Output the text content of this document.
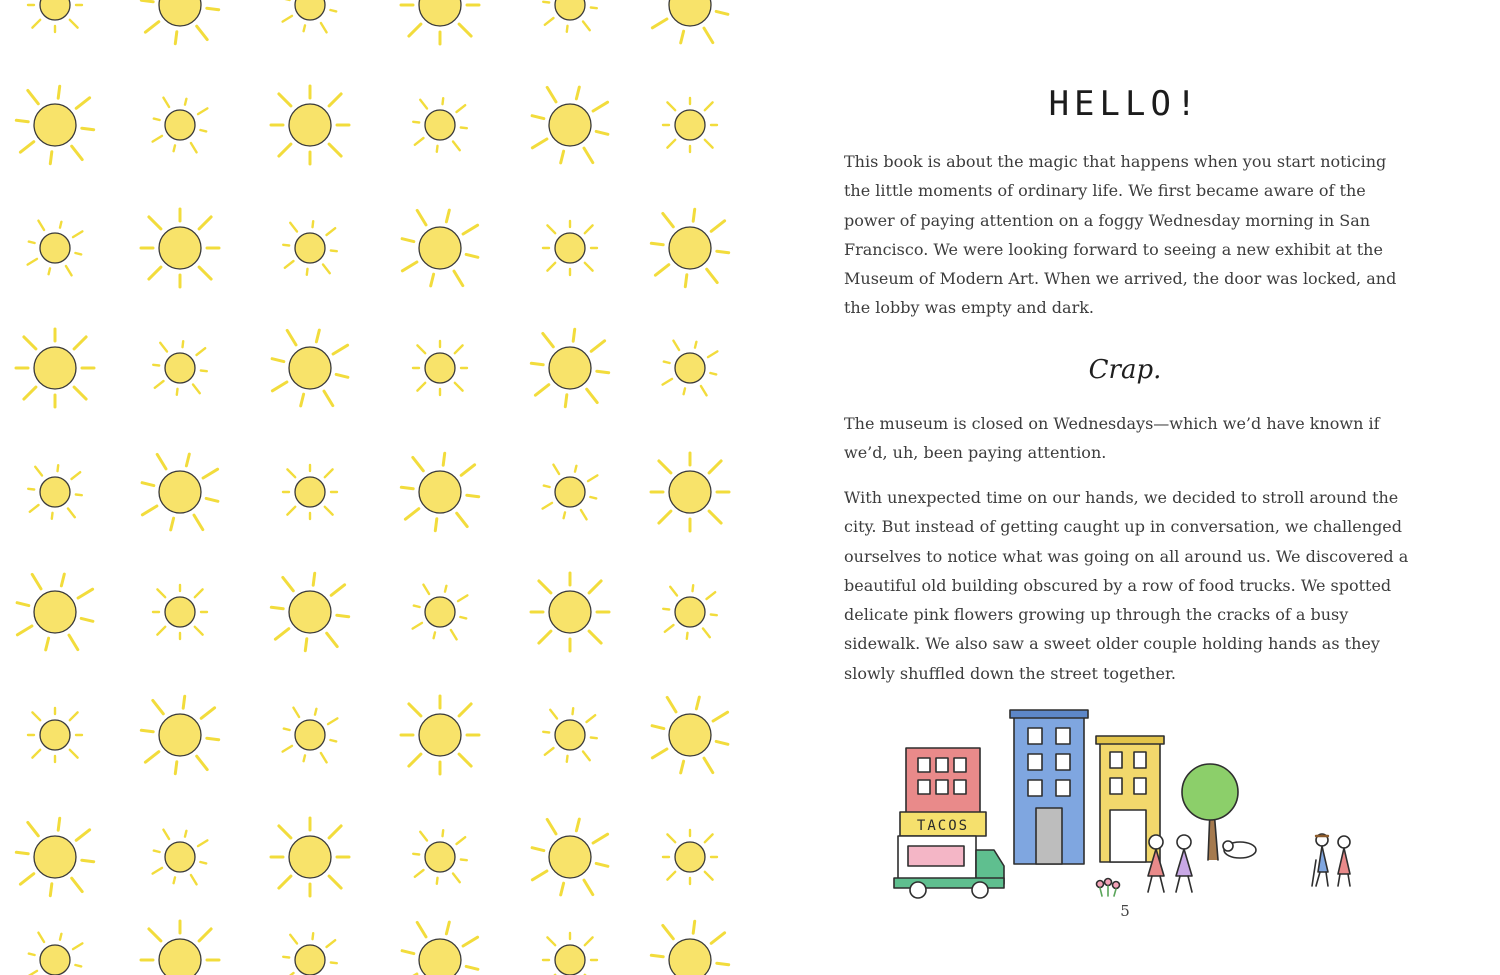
HELLO!

This book is about the magic that happens when you start noticing the little moments of ordinary life. We first became aware of the power of paying attention on a foggy Wednesday morning in San Francisco. We were looking forward to seeing a new exhibit at the Museum of Modern Art. When we arrived, the door was locked, and the lobby was empty and dark.

Crap.

The museum is closed on Wednesdays—which we’d have known if we’d, uh, been paying attention.

With unexpected time on our hands, we decided to stroll around the city. But instead of getting caught up in conversation, we challenged ourselves to notice what was going on all around us. We discovered a beautiful old building obscured by a row of food trucks. We spotted delicate pink flowers growing up through the cracks of a busy sidewalk. We also saw a sweet older couple holding hands as they slowly shuffled down the street together.

TACOS
5
